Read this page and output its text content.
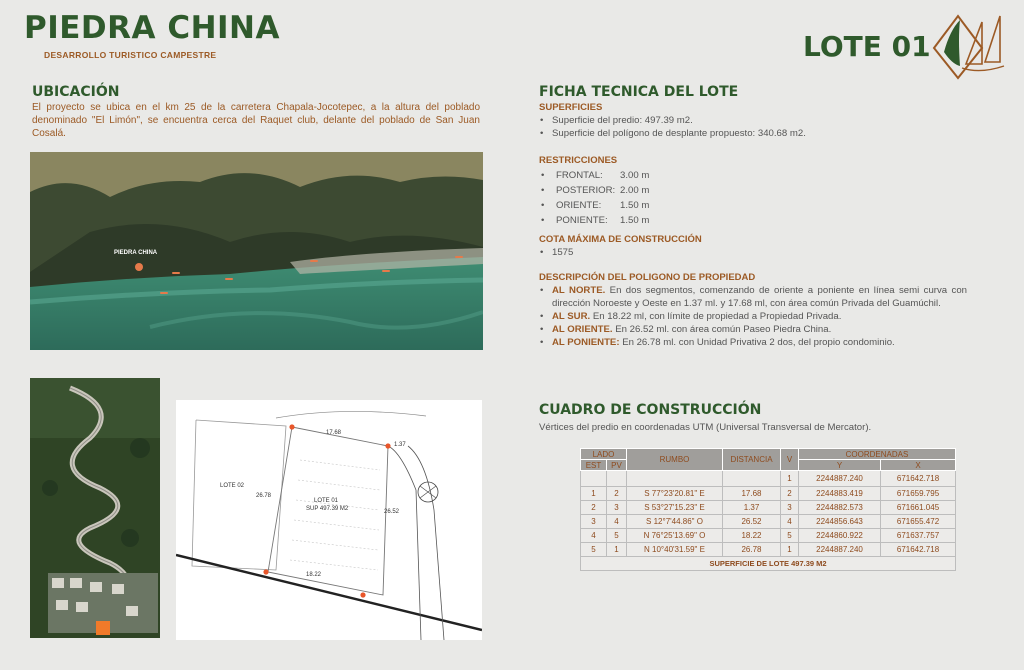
PIEDRA CHINA
DESARROLLO TURISTICO CAMPESTRE	LOTE 01
UBICACIÓN
El proyecto se ubica en el km 25 de la carretera Chapala-Jocotepec, a la altura del poblado denominado "El Limón", se encuentra cerca del Raquet club, delante del poblado de San Juan Cosalá.
PIEDRA CHINA
LOTE 02
LOTE 01
SUP 497.39 M2
17.68
26.78
26.52
18.22
1.37
FICHA TECNICA DEL LOTE
SUPERFICIES
• Superficie del predio: 497.39 m2.
• Superficie del polígono de desplante propuesto: 340.68 m2.
RESTRICCIONES
•	FRONTAL:	3.00 m
•	POSTERIOR:	2.00 m
•	ORIENTE:	1.50 m
•	PONIENTE:	1.50 m
COTA MÁXIMA DE CONSTRUCCIÓN
• 1575
DESCRIPCIÓN DEL POLIGONO DE PROPIEDAD
• AL NORTE. En dos segmentos, comenzando de oriente a poniente en línea semi curva con dirección Noroeste y Oeste en 1.37 ml. y 17.68 ml, con área común Privada del Guamúchil.
• AL SUR. En 18.22 ml, con límite de propiedad a Propiedad Privada.
• AL ORIENTE. En 26.52 ml. con área común Paseo Piedra China.
• AL PONIENTE: En 26.78 ml. con Unidad Privativa 2 dos, del propio condominio.
CUADRO DE CONSTRUCCIÓN
Vértices del predio en coordenadas UTM (Universal Transversal de Mercator).
LADO		RUMBO	DISTANCIA	V	COORDENADAS	
EST	PV				Y	X
				1	2244887.240	671642.718
1	2	S 77°23'20.81" E	17.68	2	2244883.419	671659.795
2	3	S 53°27'15.23" E	1.37	3	2244882.573	671661.045
3	4	S 12°7'44.86" O	26.52	4	2244856.643	671655.472
4	5	N 76°25'13.69" O	18.22	5	2244860.922	671637.757
5	1	N 10°40'31.59" E	26.78	1	2244887.240	671642.718
SUPERFICIE DE LOTE 497.39 M2						
